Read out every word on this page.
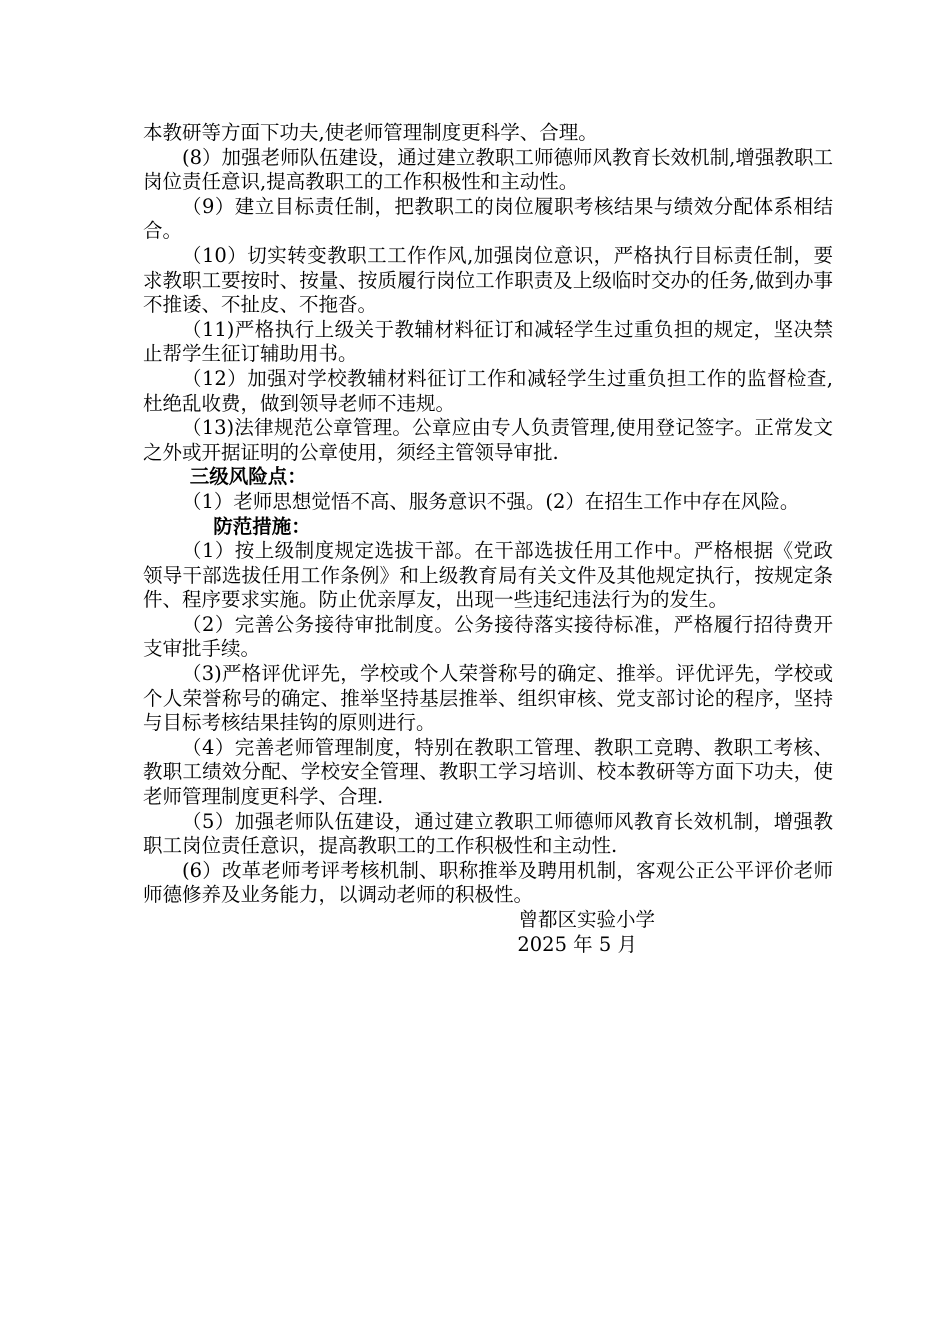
本教研等方面下功夫,使老师管理制度更科学、合理。

(8）加强老师队伍建设，通过建立教职工师德师风教育长效机制,增强教职工岗位责任意识,提高教职工的工作积极性和主动性。

（9）建立目标责任制，把教职工的岗位履职考核结果与绩效分配体系相结合。

（10）切实转变教职工工作作风,加强岗位意识，严格执行目标责任制，要求教职工要按时、按量、按质履行岗位工作职责及上级临时交办的任务,做到办事不推诿、不扯皮、不拖沓。

（11)严格执行上级关于教辅材料征订和减轻学生过重负担的规定，坚决禁止帮学生征订辅助用书。

（12）加强对学校教辅材料征订工作和减轻学生过重负担工作的监督检查,杜绝乱收费，做到领导老师不违规。

（13)法律规范公章管理。公章应由专人负责管理,使用登记签字。正常发文之外或开据证明的公章使用，须经主管领导审批.

三级风险点：

（1）老师思想觉悟不高、服务意识不强。(2）在招生工作中存在风险。

防范措施：

（1）按上级制度规定选拔干部。在干部选拔任用工作中。严格根据《党政领导干部选拔任用工作条例》和上级教育局有关文件及其他规定执行，按规定条件、程序要求实施。防止优亲厚友，出现一些违纪违法行为的发生。

（2）完善公务接待审批制度。公务接待落实接待标准，严格履行招待费开支审批手续。

（3)严格评优评先，学校或个人荣誉称号的确定、推举。评优评先，学校或个人荣誉称号的确定、推举坚持基层推举、组织审核、党支部讨论的程序，坚持与目标考核结果挂钩的原则进行。

（4）完善老师管理制度，特别在教职工管理、教职工竞聘、教职工考核、教职工绩效分配、学校安全管理、教职工学习培训、校本教研等方面下功夫，使老师管理制度更科学、合理.

（5）加强老师队伍建设，通过建立教职工师德师风教育长效机制，增强教职工岗位责任意识，提高教职工的工作积极性和主动性.

(6）改革老师考评考核机制、职称推举及聘用机制，客观公正公平评价老师师德修养及业务能力，以调动老师的积极性。

曾都区实验小学

2025 年 5 月
